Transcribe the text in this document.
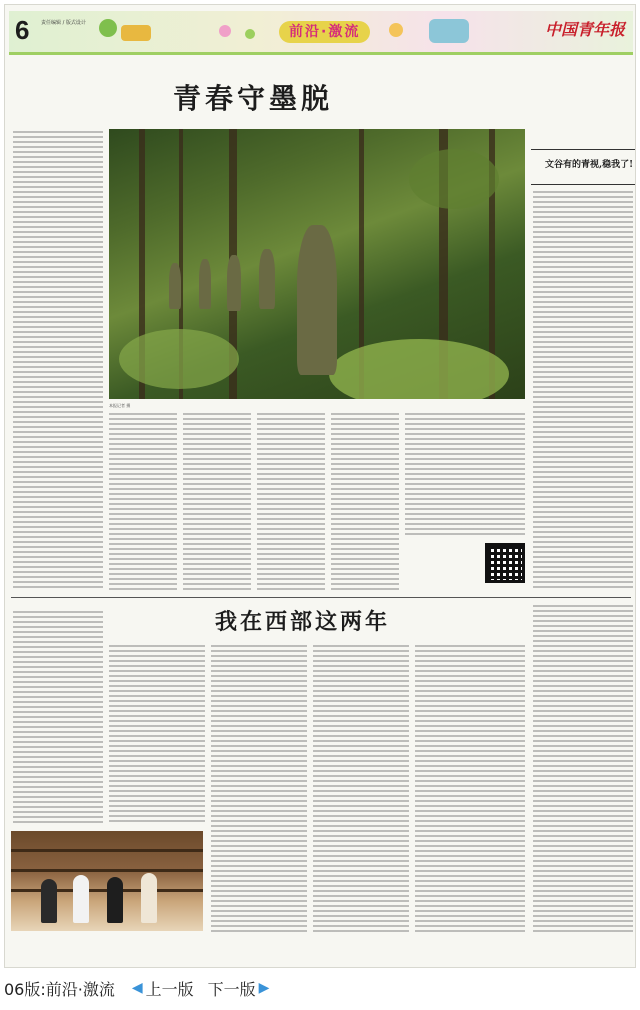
6 责任编辑 / 版式设计
前沿·激流	中国青年报
青春守墨脱
本报记者 摄
文谷有的青视,稳我了!
我在西部这两年
06版:前沿·激流 ◀ 上一版 下一版 ▶
